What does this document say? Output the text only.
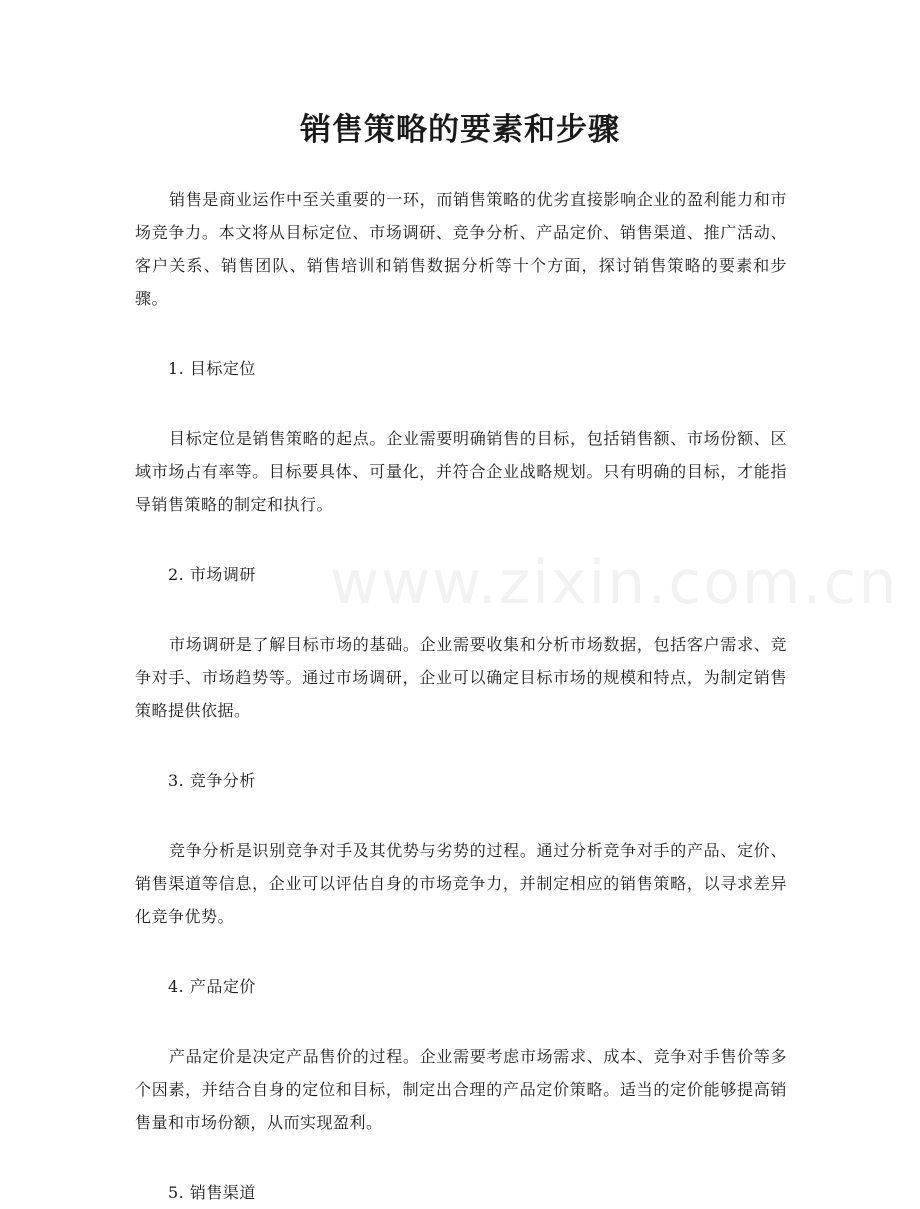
www.zixin.com.cn
销售策略的要素和步骤

销售是商业运作中至关重要的一环，而销售策略的优劣直接影响企业的盈利能力和市场竞争力。本文将从目标定位、市场调研、竞争分析、产品定价、销售渠道、推广活动、客户关系、销售团队、销售培训和销售数据分析等十个方面，探讨销售策略的要素和步骤。

1. 目标定位

目标定位是销售策略的起点。企业需要明确销售的目标，包括销售额、市场份额、区域市场占有率等。目标要具体、可量化，并符合企业战略规划。只有明确的目标，才能指导销售策略的制定和执行。

2. 市场调研

市场调研是了解目标市场的基础。企业需要收集和分析市场数据，包括客户需求、竞争对手、市场趋势等。通过市场调研，企业可以确定目标市场的规模和特点，为制定销售策略提供依据。

3. 竞争分析

竞争分析是识别竞争对手及其优势与劣势的过程。通过分析竞争对手的产品、定价、销售渠道等信息，企业可以评估自身的市场竞争力，并制定相应的销售策略，以寻求差异化竞争优势。

4. 产品定价

产品定价是决定产品售价的过程。企业需要考虑市场需求、成本、竞争对手售价等多个因素，并结合自身的定位和目标，制定出合理的产品定价策略。适当的定价能够提高销售量和市场份额，从而实现盈利。

5. 销售渠道
